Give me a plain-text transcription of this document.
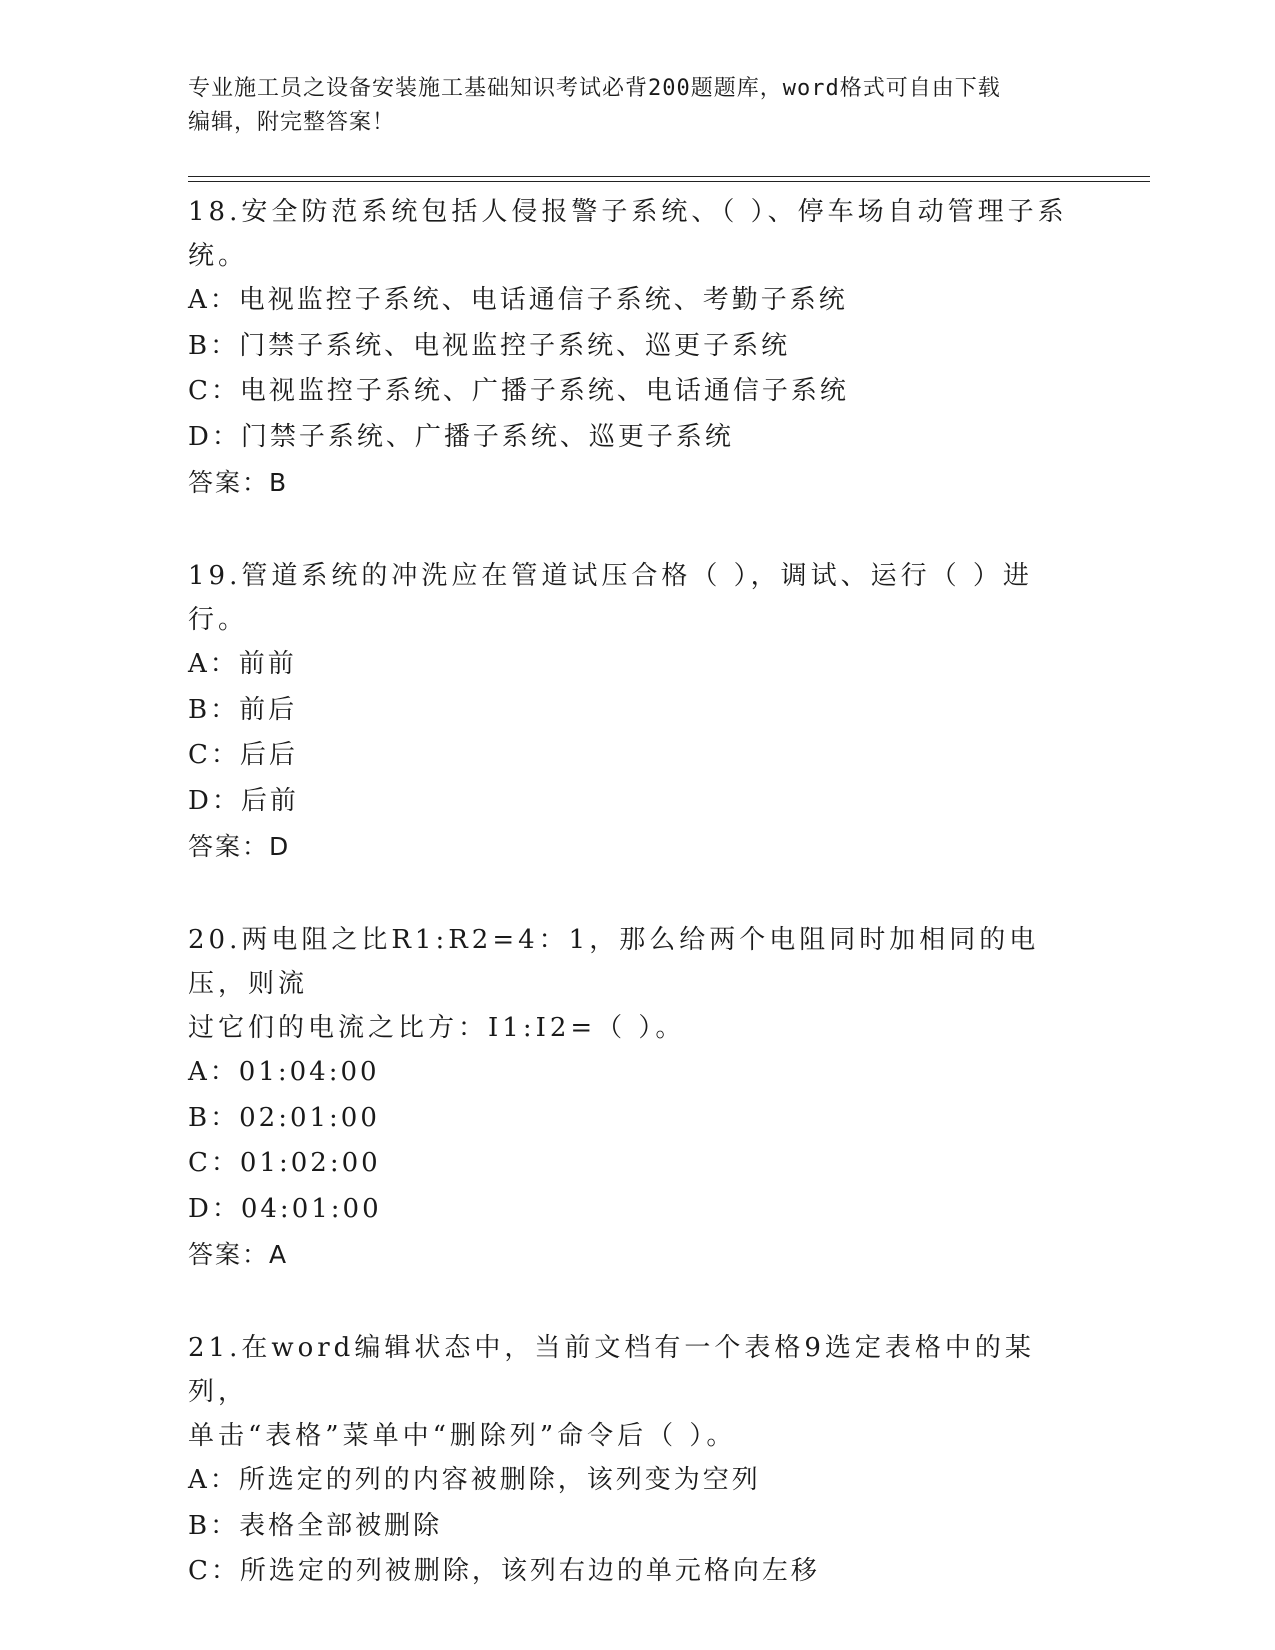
专业施工员之设备安装施工基础知识考试必背200题题库，word格式可自由下载
编辑，附完整答案！

18.安全防范系统包括人侵报警子系统、（ ）、停车场自动管理子系
统。

A：电视监控子系统、电话通信子系统、考勤子系统

B：门禁子系统、电视监控子系统、巡更子系统

C：电视监控子系统、广播子系统、电话通信子系统

D：门禁子系统、广播子系统、巡更子系统

答案：B

19.管道系统的冲洗应在管道试压合格（ ），调试、运行（ ）进行。

A：前前

B：前后

C：后后

D：后前

答案：D

20.两电阻之比R1:R2=4：1，那么给两个电阻同时加相同的电压，则流
过它们的电流之比方：I1:I2=（ ）。

A：01:04:00

B：02:01:00

C：01:02:00

D：04:01:00

答案：A

21.在word编辑状态中，当前文档有一个表格9选定表格中的某列，
单击“表格”菜单中“删除列”命令后（ ）。

A：所选定的列的内容被删除，该列变为空列

B：表格全部被删除

C：所选定的列被删除，该列右边的单元格向左移
